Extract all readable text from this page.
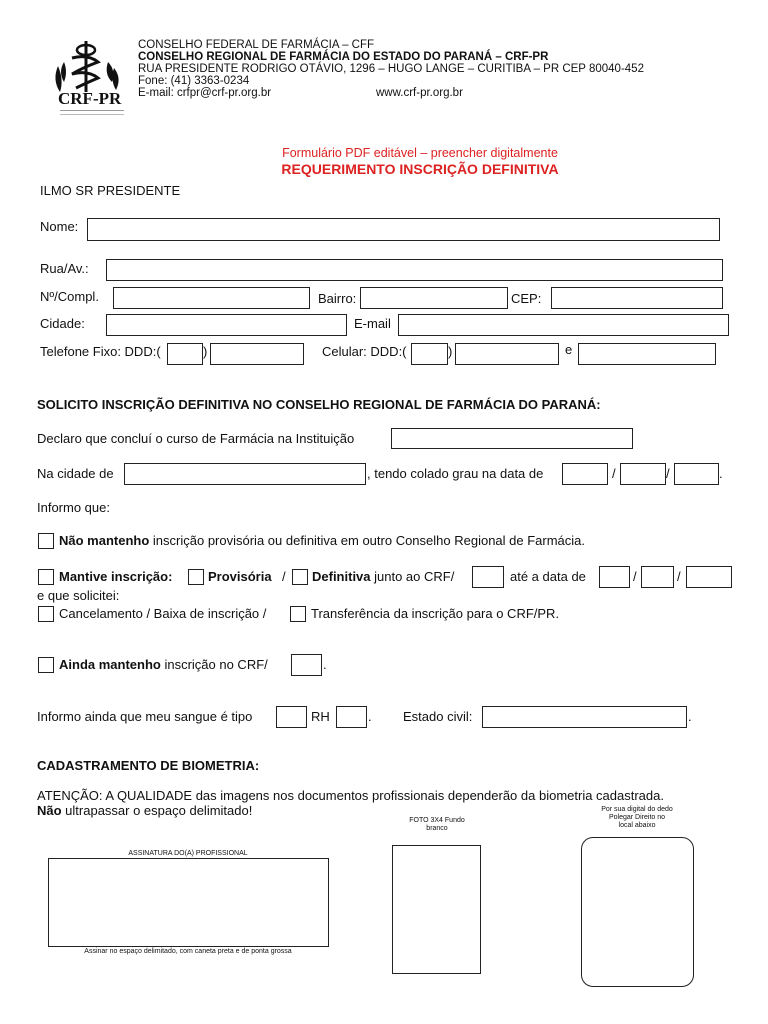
CRF-PR
CONSELHO FEDERAL DE FARMÁCIA – CFF
CONSELHO REGIONAL DE FARMÁCIA DO ESTADO DO PARANÁ – CRF-PR
RUA PRESIDENTE RODRIGO OTÁVIO, 1296 – HUGO LANGE – CURITIBA – PR CEP 80040-452
Fone: (41) 3363-0234
E-mail: crfpr@crf-pr.org.br	www.crf-pr.org.br
Formulário PDF editável – preencher digitalmente
REQUERIMENTO INSCRIÇÃO DEFINITIVA
ILMO SR PRESIDENTE
Nome:
Rua/Av.:
Nº/Compl.	Bairro:	CEP:
Cidade:	E-mail
Telefone Fixo: DDD:(	)	Celular: DDD:(	)	e
SOLICITO INSCRIÇÃO DEFINITIVA NO CONSELHO REGIONAL DE FARMÁCIA DO PARANÁ:
Declaro que concluí o curso de Farmácia na Instituição
Na cidade de	, tendo colado grau na data de	/	/	.
Informo que:
Não mantenho inscrição provisória ou definitiva em outro Conselho Regional de Farmácia.
Mantive inscrição:	Provisória / Definitiva junto ao CRF/	até a data de	/	/
e que solicitei:
Cancelamento / Baixa de inscrição /	Transferência da inscrição para o CRF/PR.
Ainda mantenho inscrição no CRF/	.
Informo ainda que meu sangue é tipo	RH	. Estado civil:	.
CADASTRAMENTO DE BIOMETRIA:
ATENÇÃO: A QUALIDADE das imagens nos documentos profissionais dependerão da biometria cadastrada.
Não ultrapassar o espaço delimitado!
ASSINATURA DO(A) PROFISSIONAL
Assinar no espaço delimitado, com caneta preta e de ponta grossa
FOTO 3X4 Fundo
branco
Por sua digital do dedo
Polegar Direito no
local abaixo
